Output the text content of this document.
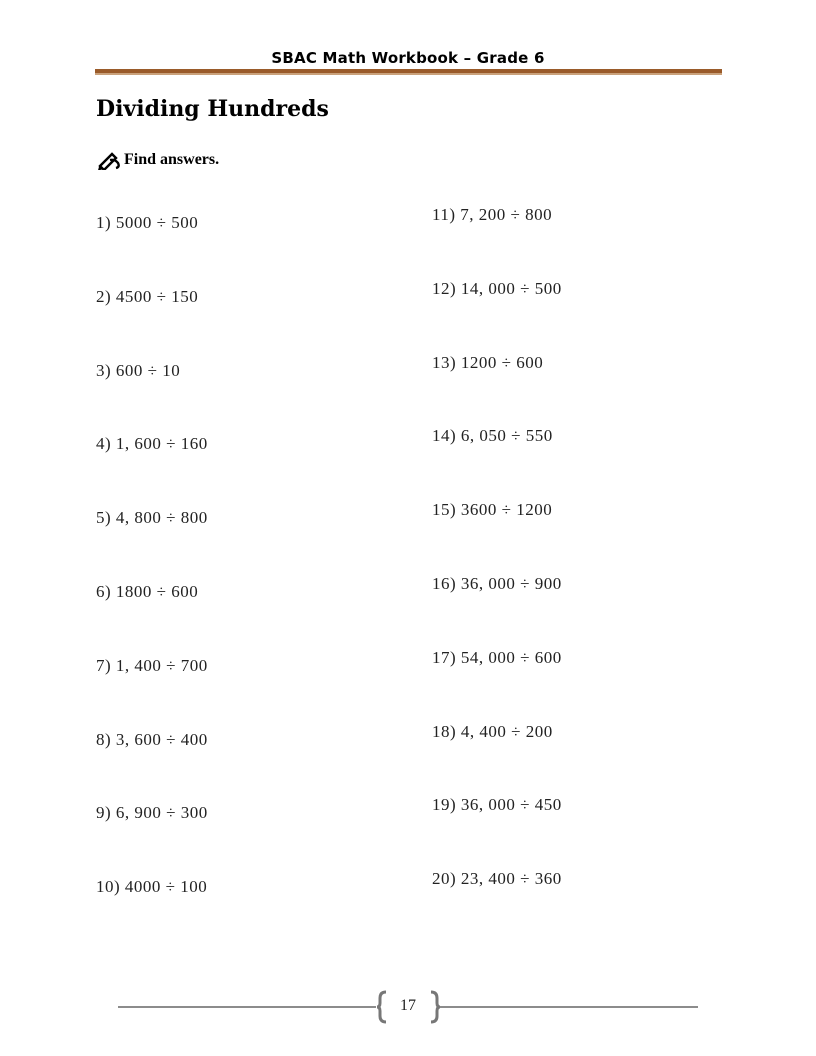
SBAC Math Workbook – Grade 6
Dividing Hundreds
Find answers.
1) 5000 ÷ 500
2) 4500 ÷ 150
3) 600 ÷ 10
4) 1, 600 ÷ 160
5) 4, 800 ÷ 800
6) 1800 ÷ 600
7) 1, 400 ÷ 700
8) 3, 600 ÷ 400
9) 6, 900 ÷ 300
10) 4000 ÷ 100
11) 7, 200 ÷ 800
12) 14, 000 ÷ 500
13) 1200 ÷ 600
14) 6, 050 ÷ 550
15) 3600 ÷ 1200
16) 36, 000 ÷ 900
17) 54, 000 ÷ 600
18) 4, 400 ÷ 200
19) 36, 000 ÷ 450
20) 23, 400 ÷ 360
17
